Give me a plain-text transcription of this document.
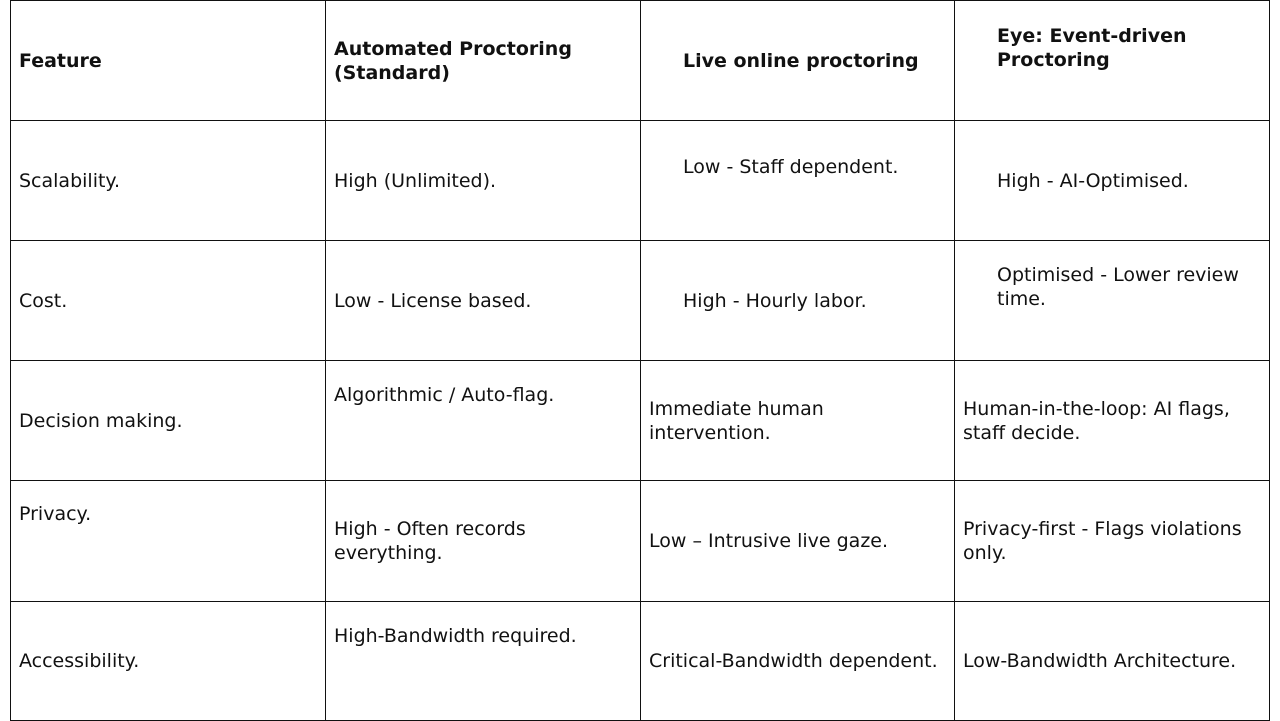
Feature	Automated Proctoring (Standard)	Live online proctoring	Eye: Event-driven Proctoring

Scalability.	High (Unlimited).	Low - Staff dependent.	High - AI-Optimised.
Cost.	Low - License based.	High - Hourly labor.	Optimised - Lower review time.

Decision making.	Algorithmic / Auto-flag.	Immediate human intervention.	Human-in-the-loop: AI flags, staff decide.

Privacy.	High - Often records everything.	Low – Intrusive live gaze.	Privacy-first - Flags violations only.

Accessibility.	High-Bandwidth required.	Critical-Bandwidth dependent.	Low-Bandwidth Architecture.
